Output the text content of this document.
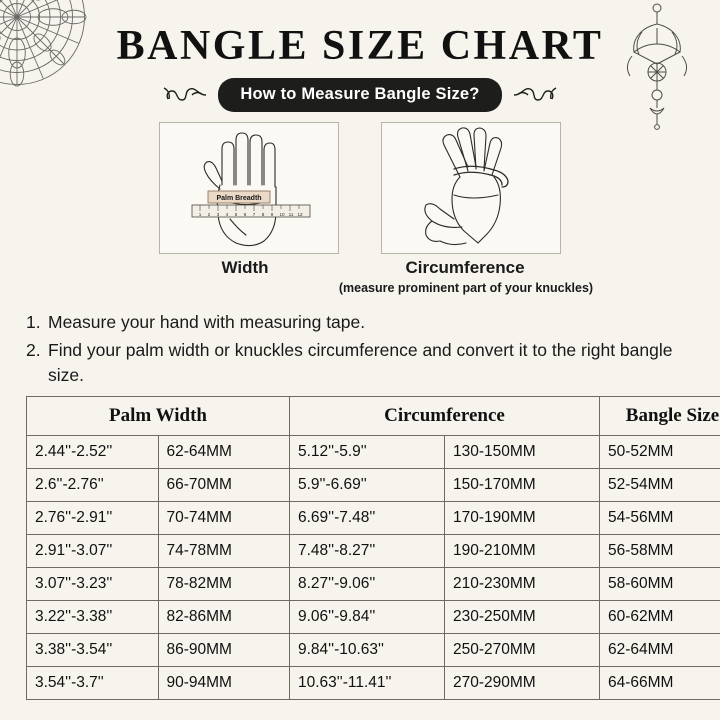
BANGLE SIZE CHART
How to Measure Bangle Size?
1 2 3 4 5 6 7 8 9 10 11 12
Palm Breadth
Width	Circumference
(measure prominent part of your knuckles)
1. Measure your hand with measuring tape.
2. Find your palm width or knuckles circumference and convert it to the right bangle size.
Palm Width		Circumference		Bangle Size
2.44''-2.52''	62-64MM	5.12''-5.9''	130-150MM	50-52MM
2.6''-2.76''	66-70MM	5.9''-6.69''	150-170MM	52-54MM
2.76''-2.91''	70-74MM	6.69''-7.48''	170-190MM	54-56MM
2.91''-3.07''	74-78MM	7.48''-8.27''	190-210MM	56-58MM
3.07''-3.23''	78-82MM	8.27''-9.06''	210-230MM	58-60MM
3.22''-3.38''	82-86MM	9.06''-9.84''	230-250MM	60-62MM
3.38''-3.54''	86-90MM	9.84''-10.63''	250-270MM	62-64MM
3.54''-3.7''	90-94MM	10.63''-11.41''	270-290MM	64-66MM
